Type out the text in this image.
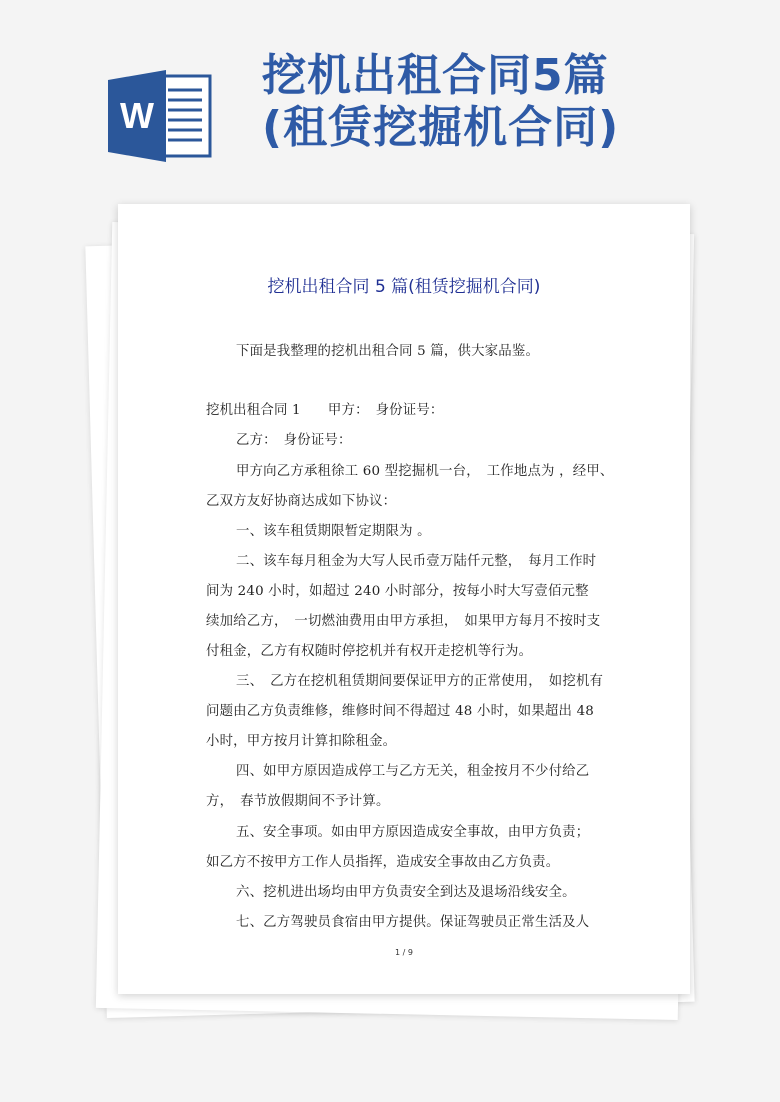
W
挖机出租合同5篇
(租赁挖掘机合同)
挖机出租合同 5 篇(租赁挖掘机合同)
下面是我整理的挖机出租合同 5 篇，供大家品鉴。
挖机出租合同 1　　甲方：　身份证号：
乙方：　身份证号：
甲方向乙方承租徐工 60 型挖掘机一台，　工作地点为 ，经甲、
乙双方友好协商达成如下协议：
一、该车租赁期限暂定期限为 。
二、该车每月租金为大写人民币壹万陆仟元整，　每月工作时
间为 240 小时，如超过 240 小时部分，按每小时大写壹佰元整
续加给乙方，　一切燃油费用由甲方承担，　如果甲方每月不按时支
付租金，乙方有权随时停挖机并有权开走挖机等行为。
三、　乙方在挖机租赁期间要保证甲方的正常使用，　如挖机有
问题由乙方负责维修，维修时间不得超过 48 小时，如果超出 48
小时，甲方按月计算扣除租金。
四、如甲方原因造成停工与乙方无关，租金按月不少付给乙
方，　春节放假期间不予计算。
五、安全事项。如由甲方原因造成安全事故，由甲方负责；
如乙方不按甲方工作人员指挥，造成安全事故由乙方负责。
六、挖机进出场均由甲方负责安全到达及退场沿线安全。
七、乙方驾驶员食宿由甲方提供。保证驾驶员正常生活及人
1 / 9
